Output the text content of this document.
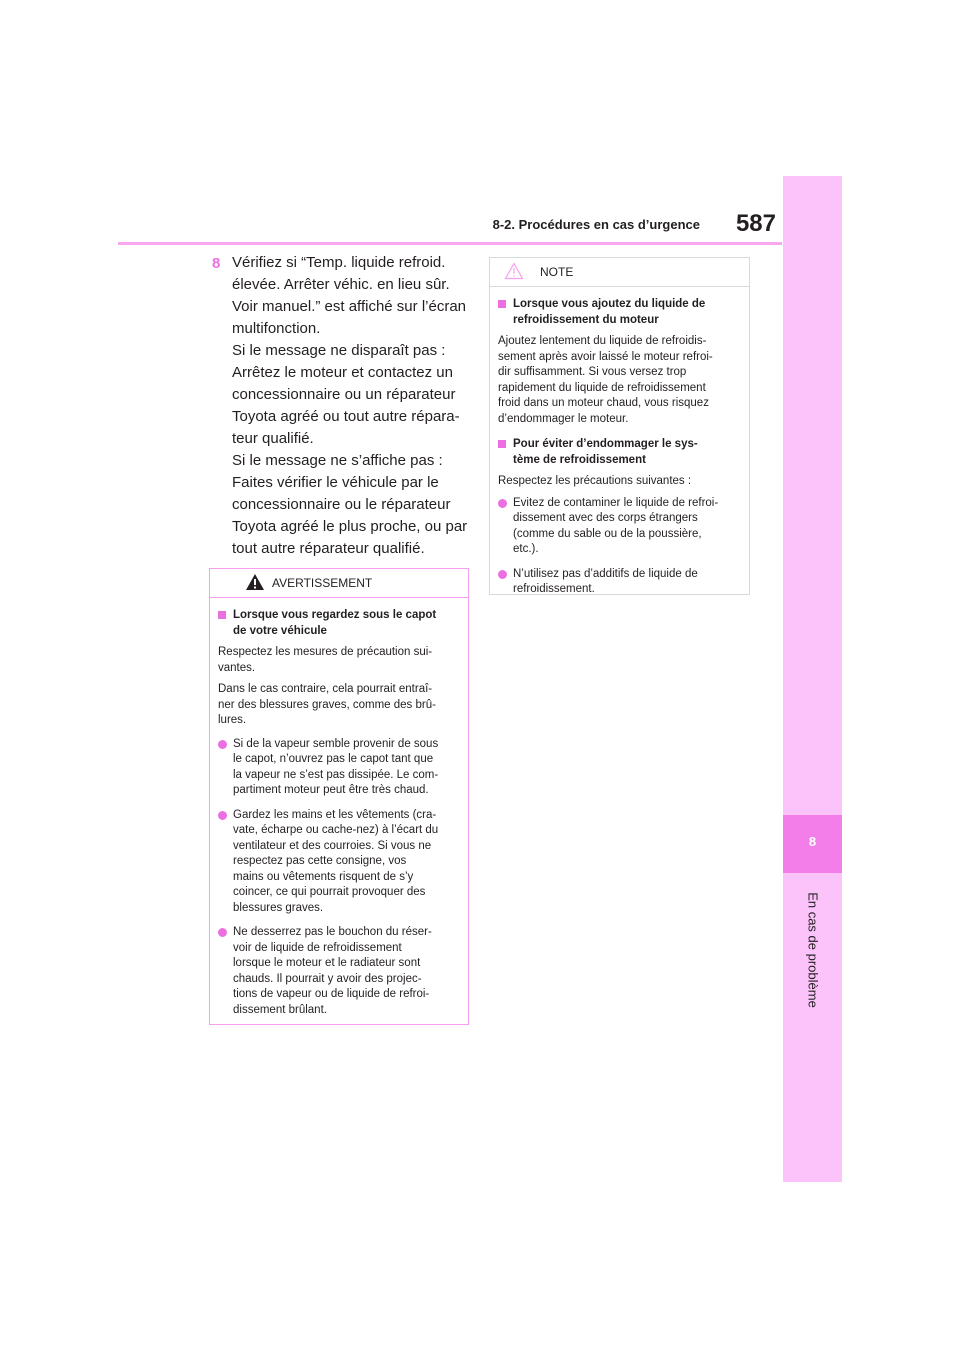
8-2. Procédures en cas d’urgence	587
8
En cas de problème
8 Vérifiez si “Temp. liquide refroid.

élevée. Arrêter véhic. en lieu sûr.

Voir manuel.” est affiché sur l’écran

multifonction.

Si le message ne disparaît pas :

Arrêtez le moteur et contactez un

concessionnaire ou un réparateur

Toyota agréé ou tout autre répara-

teur qualifié.

Si le message ne s’affiche pas :

Faites vérifier le véhicule par le

concessionnaire ou le réparateur

Toyota agréé le plus proche, ou par

tout autre réparateur qualifié.

AVERTISSEMENT
Lorsque vous regardez sous le capot
de votre véhicule

Respectez les mesures de précaution sui-
vantes.

Dans le cas contraire, cela pourrait entraî-
ner des blessures graves, comme des brû-
lures.

Si de la vapeur semble provenir de sous
le capot, n’ouvrez pas le capot tant que
la vapeur ne s’est pas dissipée. Le com-
partiment moteur peut être très chaud.
Gardez les mains et les vêtements (cra-
vate, écharpe ou cache-nez) à l’écart du
ventilateur et des courroies. Si vous ne
respectez pas cette consigne, vos
mains ou vêtements risquent de s’y
coincer, ce qui pourrait provoquer des
blessures graves.
Ne desserrez pas le bouchon du réser-
voir de liquide de refroidissement
lorsque le moteur et le radiateur sont
chauds. Il pourrait y avoir des projec-
tions de vapeur ou de liquide de refroi-
dissement brûlant.
NOTE
Lorsque vous ajoutez du liquide de
refroidissement du moteur

Ajoutez lentement du liquide de refroidis-
sement après avoir laissé le moteur refroi-
dir suffisamment. Si vous versez trop
rapidement du liquide de refroidissement
froid dans un moteur chaud, vous risquez
d’endommager le moteur.

Pour éviter d’endommager le sys-
tème de refroidissement

Respectez les précautions suivantes :

Evitez de contaminer le liquide de refroi-
dissement avec des corps étrangers
(comme du sable ou de la poussière,
etc.).
N’utilisez pas d’additifs de liquide de
refroidissement.
